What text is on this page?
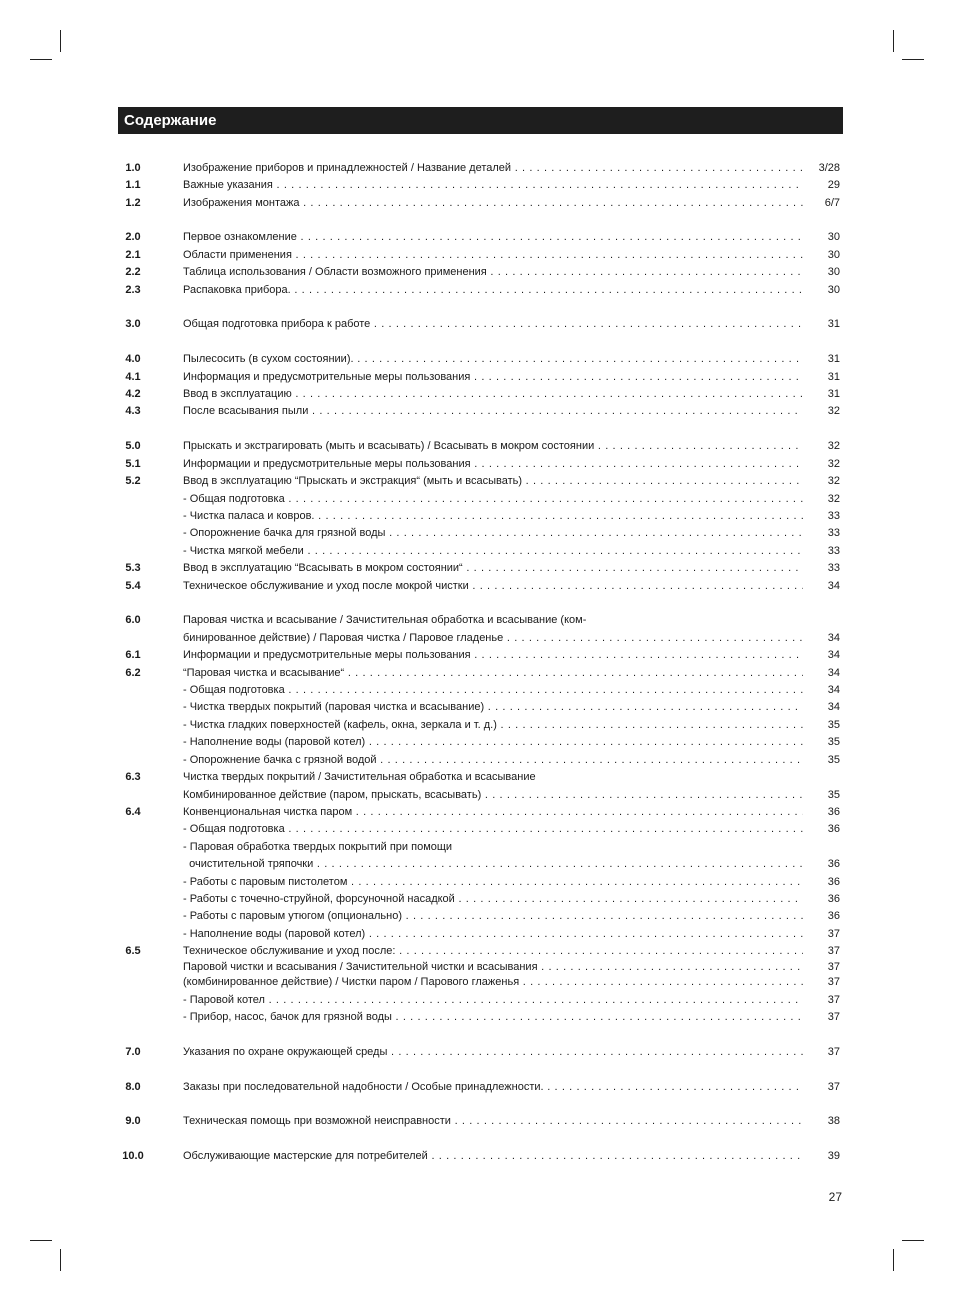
Содержание
1.0	Изображение приборов и принадлежностей / Название деталей . . .	3/28
1.1	Важные указания . . .	29
1.2	Изображения монтажа . . .	6/7
2.0	Первое ознакомление . . .	30
2.1	Области применения . . .	30
2.2	Таблица использования / Области возможного применения . . .	30
2.3	Распаковка прибора. . . .	30
3.0	Общая подготовка прибора к работе . . .	31
4.0	Пылесосить (в сухом состоянии). . . .	31
4.1	Информация и предусмотрительные меры пользования . . .	31
4.2	Ввод в эксплуатацию . . .	31
4.3	После всасывания пыли . . .	32
5.0	Прыскать и экстрагировать (мыть и всасывать) / Всасывать в мокром состоянии . . .	32
5.1	Информации и предусмотрительные меры пользования . . .	32
5.2	Ввод в эксплуатацию “Прыскать и экстракция“ (мыть и всасывать) . . .	32
- Общая подготовка . . .	32
- Чистка паласа и ковров. . . .	33
- Опорожнение бачка для грязной воды . . .	33
- Чистка мягкой мебели . . .	33
5.3	Ввод в эксплуатацию “Всасывать в мокром состоянии“ . . .	33
5.4	Техническое обслуживание и уход после мокрой чистки . . .	34
6.0	Паровая чистка и всасывание / Зачистительная обработка и всасывание (ком-
бинированное действие) / Паровая чистка / Паровое гладенье . . .	34
6.1	Информации и предусмотрительные меры пользования . . .	34
6.2	“Паровая чистка и всасывание“ . . .	34
- Общая подготовка . . .	34
- Чистка твердых покрытий (паровая чистка и всасывание) . . .	34
- Чистка гладких поверхностей (кафель, окна, зеркала и т. д.) . . .	35
- Наполнение воды (паровой котел) . . .	35
- Опорожнение бачка с грязной водой . . .	35
6.3	Чистка твердых покрытий / Зачистительная обработка и всасывание
Комбинированное действие (паром, прыскать, всасывать) . . .	35
6.4	Конвенциональная чистка паром . . .	36
- Общая подготовка . . .	36
- Паровая обработка твердых покрытий при помощи
очистительной тряпочки . . .	36
- Работы с паровым пистолетом . . .	36
- Работы с точечно-струйной, форсуночной насадкой . . .	36
- Работы с паровым утюгом (опционально) . . .	36
- Наполнение воды (паровой котел) . . .	37
6.5	Техническое обслуживание и уход после: . . .	37
Паровой чистки и всасывания / Зачистительной чистки и всасывания . . .	37
(комбинированное действие) / Чистки паром / Парового глаженья . . .	37
- Паровой котел . . .	37
- Прибор, насос, бачок для грязной воды . . .	37
7.0	Указания по охране окружающей среды . . .	37
8.0	Заказы при последовательной надобности / Особые принадлежности. . . .	37
9.0	Техническая помощь при возможной неисправности . . .	38
10.0	Обслуживающие мастерские для потребителей . . .	39
27
